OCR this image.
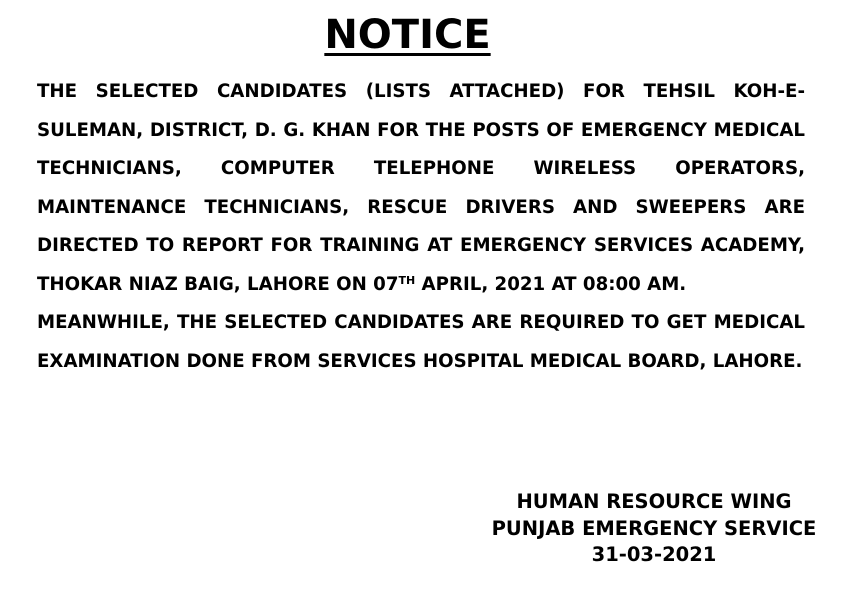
NOTICE

THE SELECTED CANDIDATES (LISTS ATTACHED) FOR TEHSIL KOH-E-SULEMAN, DISTRICT, D. G. KHAN FOR THE POSTS OF EMERGENCY MEDICAL TECHNICIANS, COMPUTER TELEPHONE WIRELESS OPERATORS, MAINTENANCE TECHNICIANS, RESCUE DRIVERS AND SWEEPERS ARE DIRECTED TO REPORT FOR TRAINING AT EMERGENCY SERVICES ACADEMY, THOKAR NIAZ BAIG, LAHORE ON 07TH APRIL, 2021 AT 08:00 AM.

MEANWHILE, THE SELECTED CANDIDATES ARE REQUIRED TO GET MEDICAL EXAMINATION DONE FROM SERVICES HOSPITAL MEDICAL BOARD, LAHORE.

HUMAN RESOURCE WING
PUNJAB EMERGENCY SERVICE
31-03-2021
